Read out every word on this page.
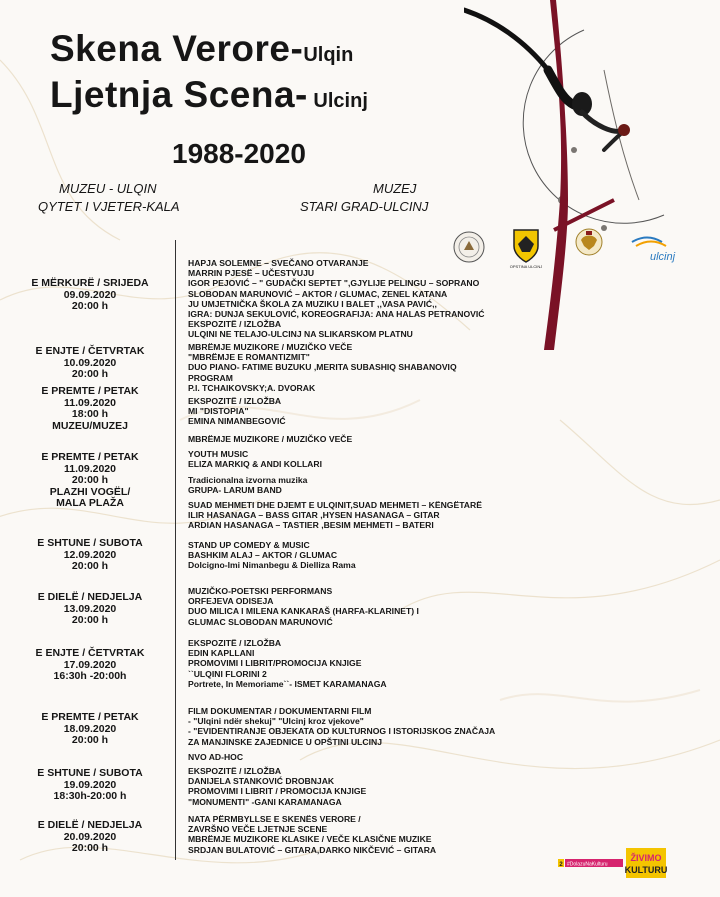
Skena Verore-Ulqin
Ljetnja Scena- Ulcinj
1988-2020
MUZEU - ULQIN
QYTET I VJETER-KALA
MUZEJ
STARI GRAD-ULCINJ
OPSTINA ULCINJ
ulcinj
E MËRKURË / SRIJEDA
09.09.2020
20:00 h
HAPJA SOLEMNE – SVEČANO OTVARANJE
MARRIN PJESË – UČESTVUJU
IGOR PEJOVIĆ – " GUDAČKI SEPTET ",GJYLIJE PELINGU – SOPRANO
SLOBODAN MARUNOVIĆ – AKTOR / GLUMAC, ZENEL KATANA
JU UMJETNIČKA ŠKOLA ZA MUZIKU I BALET ,,VASA PAVIĆ,,
IGRA: DUNJA SEKULOVIĆ, KOREOGRAFIJA: ANA HALAS PETRANOVIĆ
EKSPOZITË / IZLOŽBA
ULQINI NE TELAJO-ULCINJ NA SLIKARSKOM PLATNU
E ENJTE / ČETVRTAK
10.09.2020
20:00 h
MBRËMJE MUZIKORE / MUZIČKO VEČE
"MBRËMJE E ROMANTIZMIT"
DUO PIANO- FATIME BUZUKU ,MERITA SUBASHIQ SHABANOVIQ
PROGRAM
P.I. TCHAIKOVSKY;A. DVORAK
E PREMTE / PETAK
11.09.2020
18:00 h
MUZEU/MUZEJ
EKSPOZITË / IZLOŽBA
MI "DISTOPIA"
EMINA NIMANBEGOVIĆ
E PREMTE / PETAK
11.09.2020
20:00 h
PLAZHI VOGËL/
MALA PLAŽA
MBRËMJE MUZIKORE / MUZIČKO VEČE
YOUTH MUSIC
ELIZA MARKIQ & ANDI KOLLARI
Tradicionalna izvorna muzika
GRUPA- LARUM BAND
SUAD MEHMETI DHE DJEMT E ULQINIT,SUAD MEHMETI – KËNGËTARË
ILIR HASANAGA – BASS GITAR ,HYSEN HASANAGA – GITAR
ARDIAN HASANAGA – TASTIER ,BESIM MEHMETI – BATERI
E SHTUNE / SUBOTA
12.09.2020
20:00 h
STAND UP COMEDY & MUSIC
BASHKIM ALAJ – AKTOR / GLUMAC
Dolcigno-Imi Nimanbegu & Dielliza Rama
E DIELË / NEDJELJA
13.09.2020
20:00 h
MUZIČKO-POETSKI PERFORMANS
ORFEJEVA ODISEJA
DUO MILICA I MILENA KANKARAŠ (HARFA-KLARINET) I
GLUMAC SLOBODAN MARUNOVIĆ
E ENJTE / ČETVRTAK
17.09.2020
16:30h -20:00h
EKSPOZITË / IZLOŽBA
EDIN KAPLLANI
PROMOVIMI I LIBRIT/PROMOCIJA KNJIGE
``ULQINI FLORINI 2
Portrete, In Memoriame``- ISMET KARAMANAGA
E PREMTE / PETAK
18.09.2020
20:00 h
FILM DOKUMENTAR / DOKUMENTARNI FILM
- "Ulqini ndër shekuj" "Ulcinj kroz vjekove"
- "EVIDENTIRANJE OBJEKATA OD KULTURNOG I ISTORIJSKOG ZNAČAJA
ZA MANJINSKE ZAJEDNICE U OPŠTINI ULCINJ
NVO AD-HOC
E SHTUNE / SUBOTA
19.09.2020
18:30h-20:00 h
EKSPOZITË / IZLOŽBA
DANIJELA STANKOVIĆ DROBNJAK
PROMOVIMI I LIBRIT / PROMOCIJA KNJIGE
"MONUMENTI" -GANI KARAMANAGA
E DIELË / NEDJELJA
20.09.2020
20:00 h
NATA PËRMBYLLSE E SKENËS VERORE /
ZAVRŠNO VEČE LJETNJE SCENE
MBRËMJE MUZIKORE KLASIKE / VEČE KLASIČNE MUZIKE
SRDJAN BULATOVIĆ – GITARA,DARKO NIKČEVIĆ – GITARA
2 #DolazuNaKulturu
ŽIVIMO
KULTURU
